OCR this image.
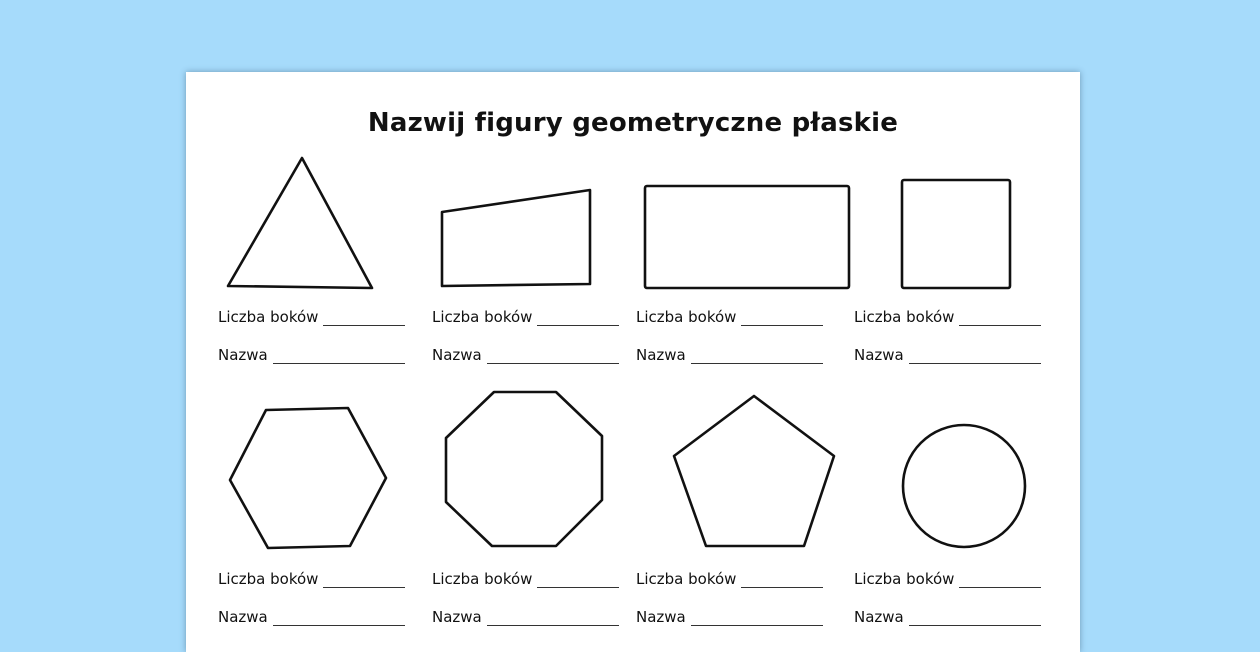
Nazwij figury geometryczne płaskie
Liczba boków
Nazwa
Liczba boków
Nazwa
Liczba boków
Nazwa
Liczba boków
Nazwa
Liczba boków
Nazwa
Liczba boków
Nazwa
Liczba boków
Nazwa
Liczba boków
Nazwa
